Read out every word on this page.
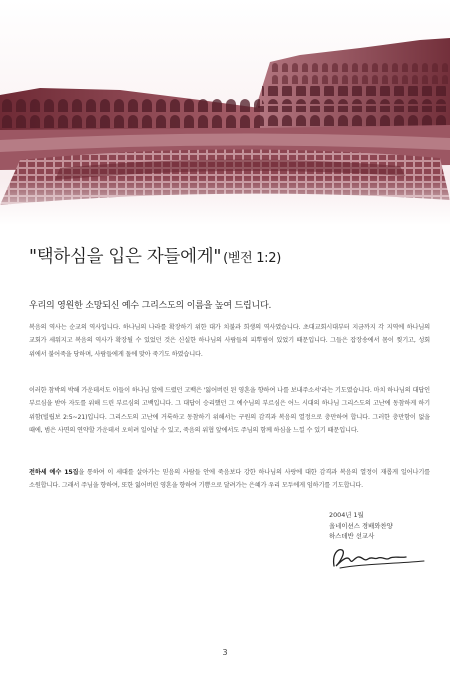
"택하심을 입은 자들에게" (벧전 1:2)
우리의 영원한 소망되신 예수 그리스도의 이름을 높여 드립니다.
복음의 역사는 순교의 역사입니다. 하나님의 나라를 확장하기 위한 대가 치불과 희생의 역사였습니다. 초대교회시대부터 지금까지 각 지역에 하나님의 교회가 세워지고 복음의 역사가 확장될 수 있었던 것은 신실한 하나님의 사람들의 피뿌림이 있었기 때문입니다. 그들은 잡장송에서 몸이 찢기고, 성회 위에서 불어죽을 당하며, 사람들에게 돌에 맞아 죽기도 하였습니다.
이러한 참박의 박해 가운데서도 이들이 하나님 앞에 드렸던 고백은 '잃어버린 된 영혼을 향하여 나를 보내주소서'라는 기도였습니다. 마치 하나님의 대답인 부르심을 받아 자도를 위해 드린 부르심의 고백입니다. 그 대답이 승리했던 그 예수님의 부르심은 어느 시대의 하나님 그리스도의 고난에 동참하게 하기 위함(빌립보 2:5~21)입니다. 그리스도의 고난에 거룩하고 동참하기 위해서는 구원의 감격과 복음의 열정으로 충만하여 합니다. 그러한 충만함이 없을 때에, 범은 사면의 연약할 가운데서 오히려 일어날 수 있고, 죽음의 위협 앞에서도 주님의 함께 하심을 느낄 수 있기 때문입니다.
전하세 예수 15집을 통하여 이 세대를 살아가는 믿음의 사람들 안에 죽음보다 강한 하나님의 사랑에 대한 감격과 복음의 열정이 재롭게 일어나기를 소원합니다. 그래서 주님을 향하여, 또한 잃어버린 영혼을 향하여 기쁨으로 달려가는 은혜가 우리 모두에게 임하기를 기도합니다.
2004년 1월
올네이션스 경배와찬양
하스데반 선교사
3
